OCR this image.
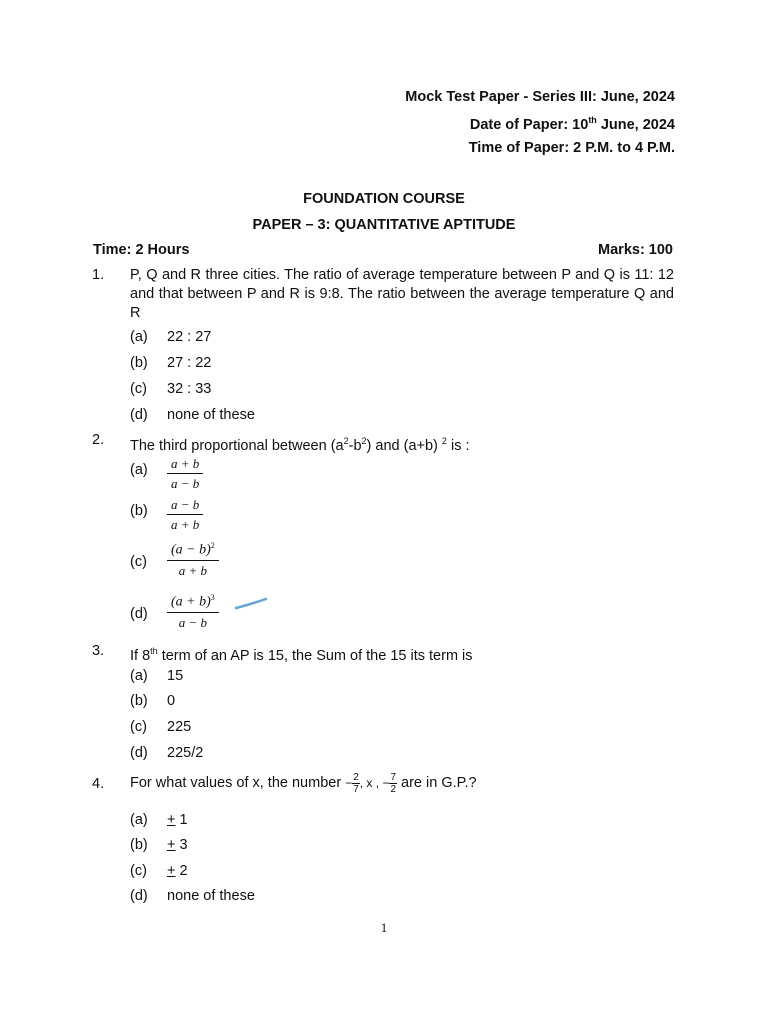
Mock Test Paper - Series III: June, 2024
Date of Paper: 10th June, 2024
Time of Paper: 2 P.M. to 4 P.M.
FOUNDATION COURSE
PAPER – 3: QUANTITATIVE APTITUDE
Time: 2 Hours	Marks: 100
1. P, Q and R three cities. The ratio of average temperature between P and Q is 11: 12 and that between P and R is 9:8. The ratio between the average temperature Q and R
(a) 22 : 27
(b) 27 : 22
(c) 32 : 33
(d) none of these
2. The third proportional between $(a^2-b^2)$ and (a+b) $^2$ is :
$(a) \frac{a + b}{a - b}$
$(b) \frac{a - b}{a + b}$
$(c) \frac{(a - b)^2}{a + b}$
$(d) \frac{(a + b)^3}{a - b}$
3. If 8th term of an AP is 15, the Sum of the 15 its term is
(a) 15
(b) 0
(c) 225
(d) 225/2
4. For what values of x, the number − $\frac{2}{7}$ , x , − $\frac{7}{2}$ are in G.P.?
(a) + 1
(b) + 3
(c) + 2
(d) none of these
1
